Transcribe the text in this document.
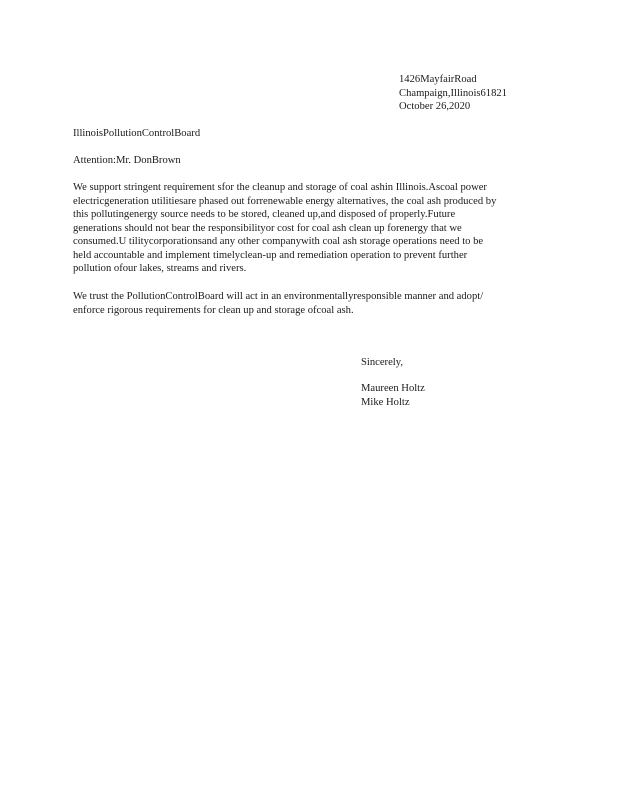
1426MayfairRoad
Champaign,Illinois61821
October 26,2020
IllinoisPollutionControlBoard
Attention:Mr. DonBrown
We support stringent requirement sfor the cleanup and storage of coal ashin Illinois.Ascoal power
electricgeneration utilitiesare phased out forrenewable energy alternatives, the coal ash produced by
this pollutingenergy source needs to be stored, cleaned up,and disposed of properly.Future
generations should not bear the responsibilityor cost for coal ash clean up forenergy that we
consumed.U tilitycorporationsand any other companywith coal ash storage operations need to be
held accountable and implement timelyclean-up and remediation operation to prevent further
pollution ofour lakes, streams and rivers.
We trust the PollutionControlBoard will act in an environmentallyresponsible manner and adopt/
enforce rigorous requirements for clean up and storage ofcoal ash.
Sincerely,
Maureen Holtz
Mike Holtz
